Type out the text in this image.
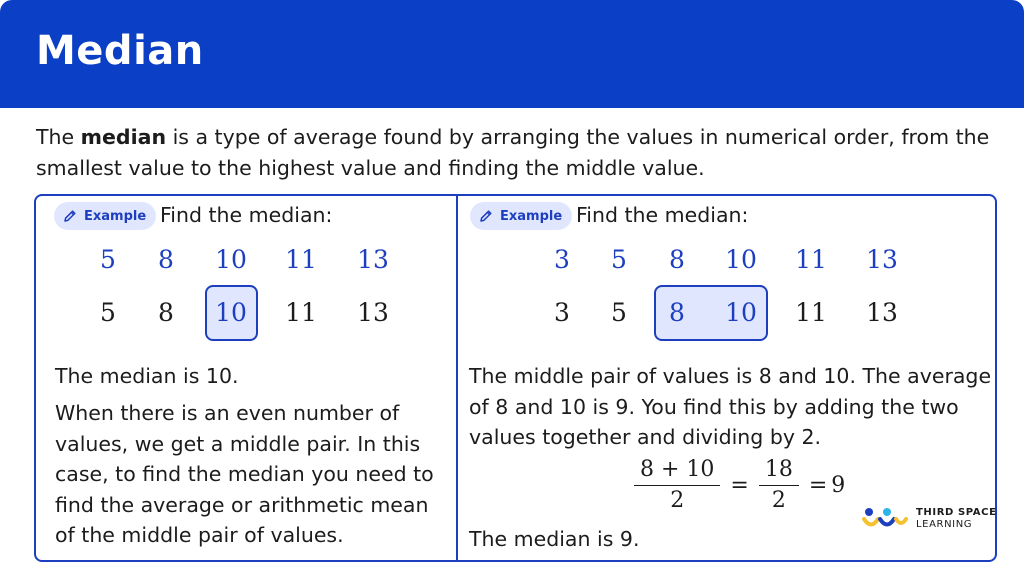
Median

The median is a type of average found by arranging the values in numerical order, from the smallest value to the highest value and finding the middle value.

Example Find the median:
5 8 10 11 13
5 8 10 11 13
The median is 10.
When there is an even number of values, we get a middle pair. In this case, to find the median you need to find the average or arithmetic mean of the middle pair of values.
Example Find the median:
3 5 8 10 11 13
3 5 8 10 11 13
The middle pair of values is 8 and 10. The average of 8 and 10 is 9. You find this by adding the two values together and dividing by 2.
$\frac{8 + 10}{2} = \frac{18}{2} = 9$
The median is 9.
THIRD SPACE
LEARNING
